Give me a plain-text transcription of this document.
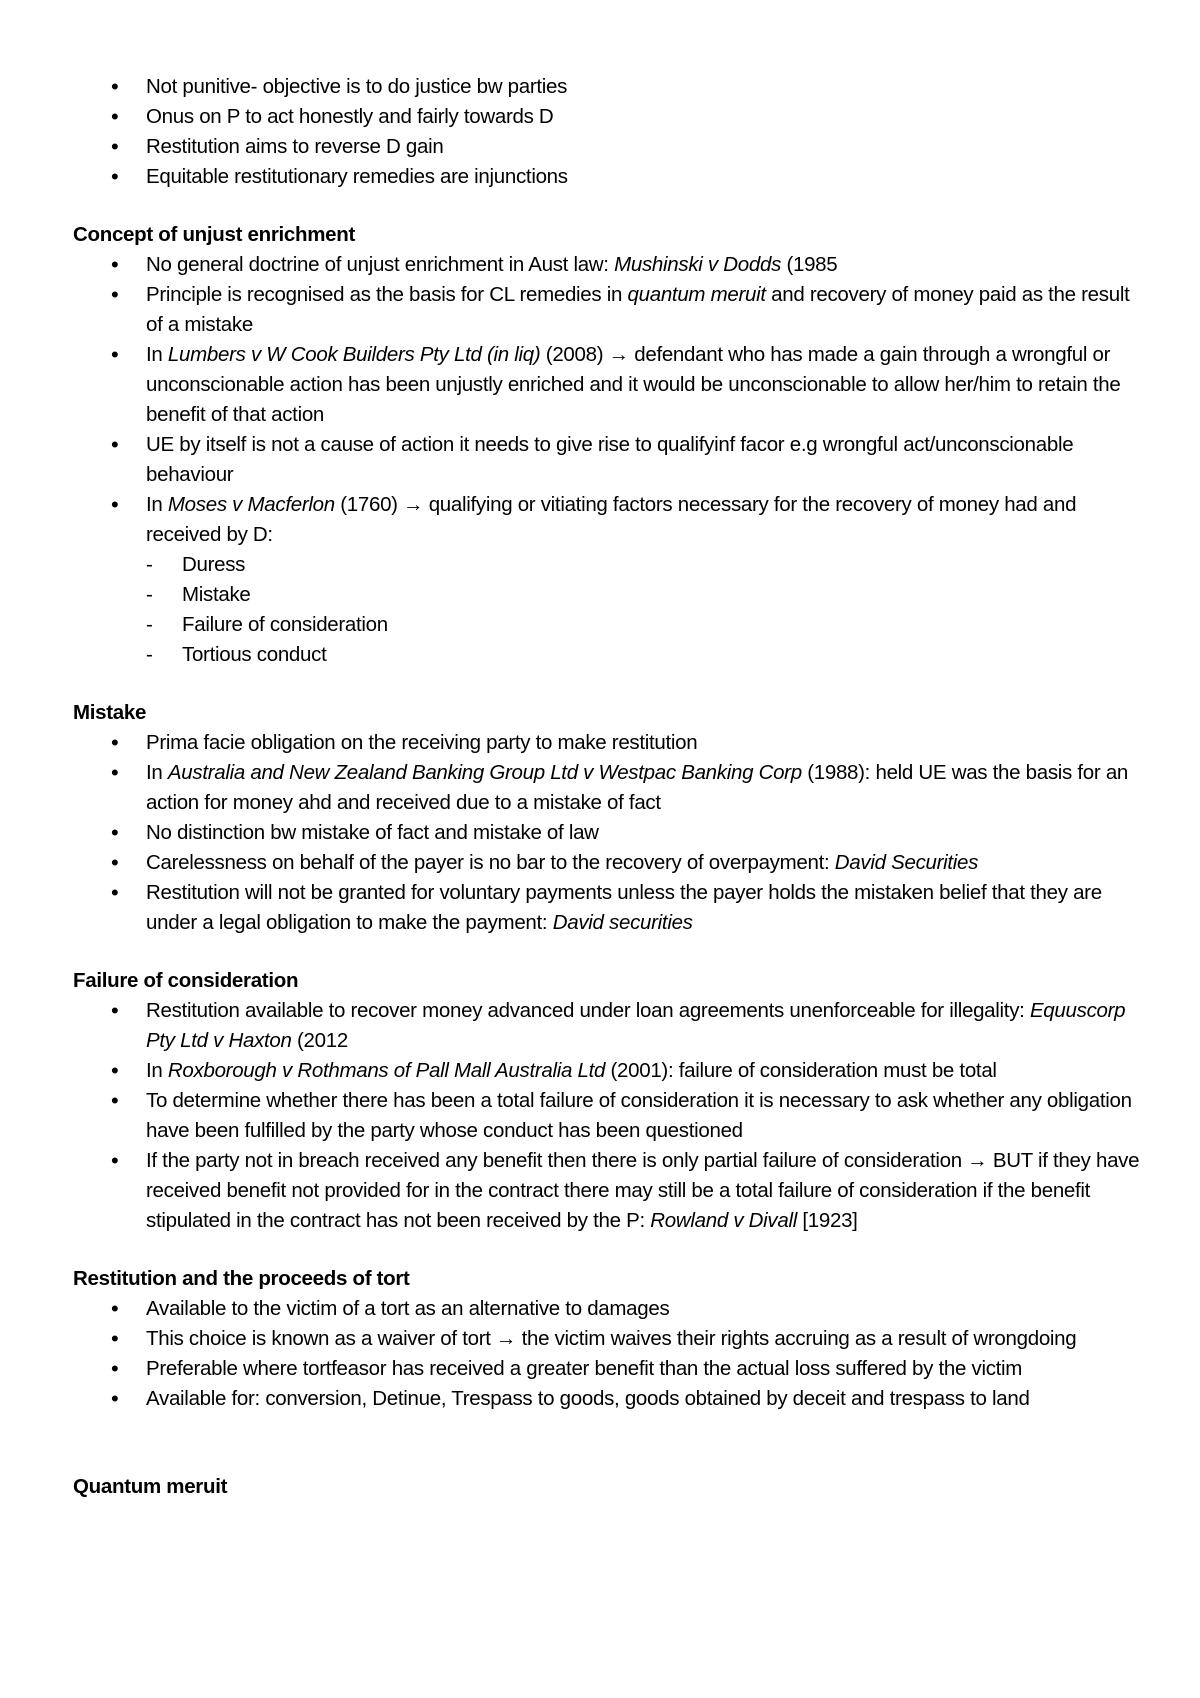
• Not punitive- objective is to do justice bw parties
• Onus on P to act honestly and fairly towards D
• Restitution aims to reverse D gain
• Equitable restitutionary remedies are injunctions
Concept of unjust enrichment
• No general doctrine of unjust enrichment in Aust law: Mushinski v Dodds (1985
• Principle is recognised as the basis for CL remedies in quantum meruit and recovery of money paid as the result of a mistake
• In Lumbers v W Cook Builders Pty Ltd (in liq) (2008) → defendant who has made a gain through a wrongful or unconscionable action has been unjustly enriched and it would be unconscionable to allow her/him to retain the benefit of that action
• UE by itself is not a cause of action it needs to give rise to qualifyinf facor e.g wrongful act/unconscionable behaviour
• In Moses v Macferlon (1760) → qualifying or vitiating factors necessary for the recovery of money had and received by D:
- Duress
- Mistake
- Failure of consideration
- Tortious conduct
Mistake
• Prima facie obligation on the receiving party to make restitution
• In Australia and New Zealand Banking Group Ltd v Westpac Banking Corp (1988): held UE was the basis for an action for money ahd and received due to a mistake of fact
• No distinction bw mistake of fact and mistake of law
• Carelessness on behalf of the payer is no bar to the recovery of overpayment: David Securities
• Restitution will not be granted for voluntary payments unless the payer holds the mistaken belief that they are under a legal obligation to make the payment: David securities
Failure of consideration
• Restitution available to recover money advanced under loan agreements unenforceable for illegality: Equuscorp Pty Ltd v Haxton (2012
• In Roxborough v Rothmans of Pall Mall Australia Ltd (2001): failure of consideration must be total
• To determine whether there has been a total failure of consideration it is necessary to ask whether any obligation have been fulfilled by the party whose conduct has been questioned
• If the party not in breach received any benefit then there is only partial failure of consideration → BUT if they have received benefit not provided for in the contract there may still be a total failure of consideration if the benefit stipulated in the contract has not been received by the P: Rowland v Divall [1923]
Restitution and the proceeds of tort
• Available to the victim of a tort as an alternative to damages
• This choice is known as a waiver of tort → the victim waives their rights accruing as a result of wrongdoing
• Preferable where tortfeasor has received a greater benefit than the actual loss suffered by the victim
• Available for: conversion, Detinue, Trespass to goods, goods obtained by deceit and trespass to land
Quantum meruit
